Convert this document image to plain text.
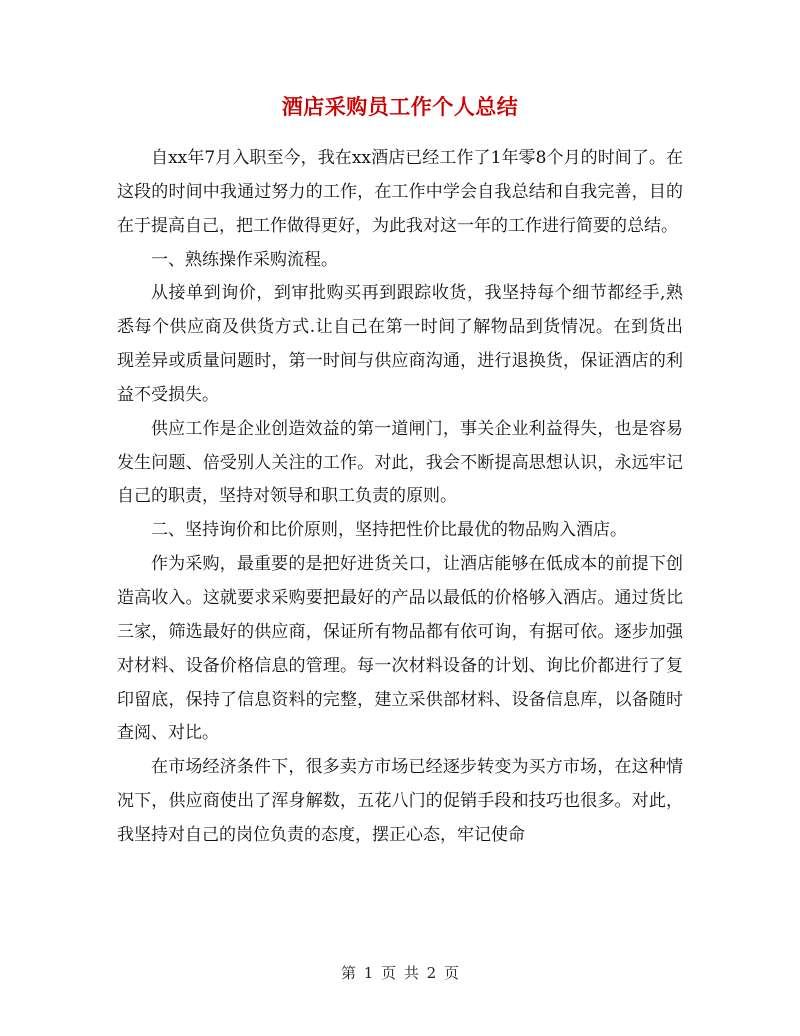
酒店采购员工作个人总结

自xx年7月入职至今，我在xx酒店已经工作了1年零8个月的时间了。在这段的时间中我通过努力的工作，在工作中学会自我总结和自我完善，目的在于提高自己，把工作做得更好，为此我对这一年的工作进行简要的总结。

一、熟练操作采购流程。

从接单到询价，到审批购买再到跟踪收货，我坚持每个细节都经手,熟悉每个供应商及供货方式.让自己在第一时间了解物品到货情况。在到货出现差异或质量问题时，第一时间与供应商沟通，进行退换货，保证酒店的利益不受损失。

供应工作是企业创造效益的第一道闸门，事关企业利益得失，也是容易发生问题、倍受别人关注的工作。对此，我会不断提高思想认识，永远牢记自己的职责，坚持对领导和职工负责的原则。

二、坚持询价和比价原则，坚持把性价比最优的物品购入酒店。

作为采购，最重要的是把好进货关口，让酒店能够在低成本的前提下创造高收入。这就要求采购要把最好的产品以最低的价格够入酒店。通过货比三家，筛选最好的供应商，保证所有物品都有依可询，有据可依。逐步加强对材料、设备价格信息的管理。每一次材料设备的计划、询比价都进行了复印留底，保持了信息资料的完整，建立采供部材料、设备信息库，以备随时查阅、对比。

在市场经济条件下，很多卖方市场已经逐步转变为买方市场，在这种情况下，供应商使出了浑身解数，五花八门的促销手段和技巧也很多。对此，我坚持对自己的岗位负责的态度，摆正心态，牢记使命

第 1 页 共 2 页
